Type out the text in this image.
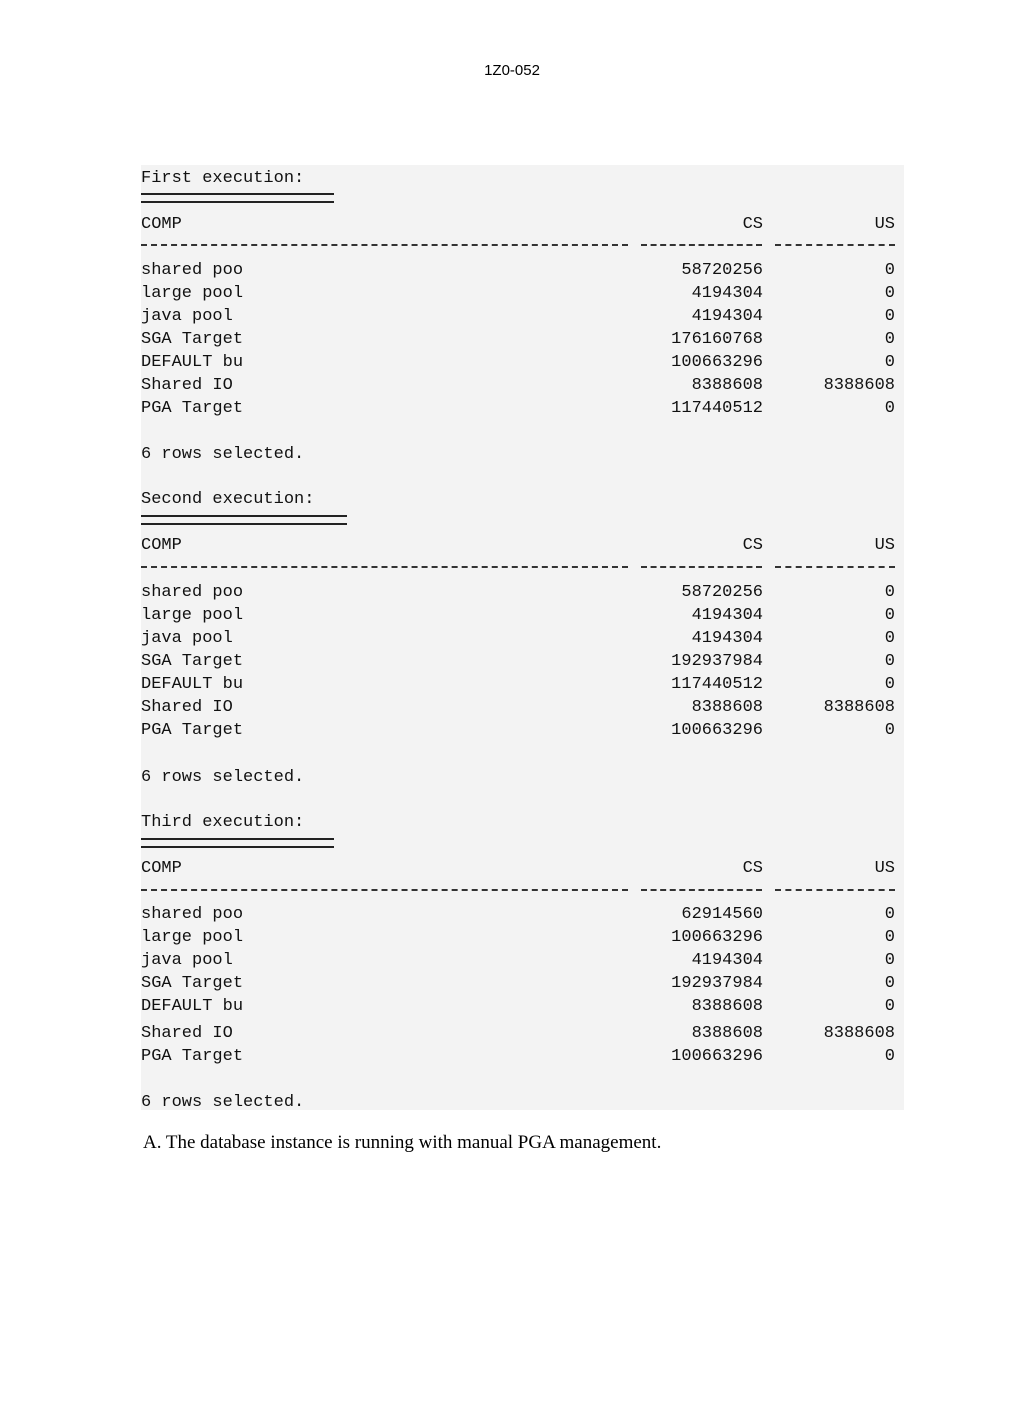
1Z0-052
First execution:
COMP	CS	US
shared poo	58720256	0
large pool	4194304	0
java pool	4194304	0
SGA Target	176160768	0
DEFAULT bu	100663296	0
Shared IO	8388608	8388608
PGA Target	117440512	0
6 rows selected.
Second execution:
COMP	CS	US
shared poo	58720256	0
large pool	4194304	0
java pool	4194304	0
SGA Target	192937984	0
DEFAULT bu	117440512	0
Shared IO	8388608	8388608
PGA Target	100663296	0
6 rows selected.
Third execution:
COMP	CS	US
shared poo	62914560	0
large pool	100663296	0
java pool	4194304	0
SGA Target	192937984	0
DEFAULT bu	8388608	0
Shared IO	8388608	8388608
PGA Target	100663296	0
6 rows selected.
A. The database instance is running with manual PGA management.
